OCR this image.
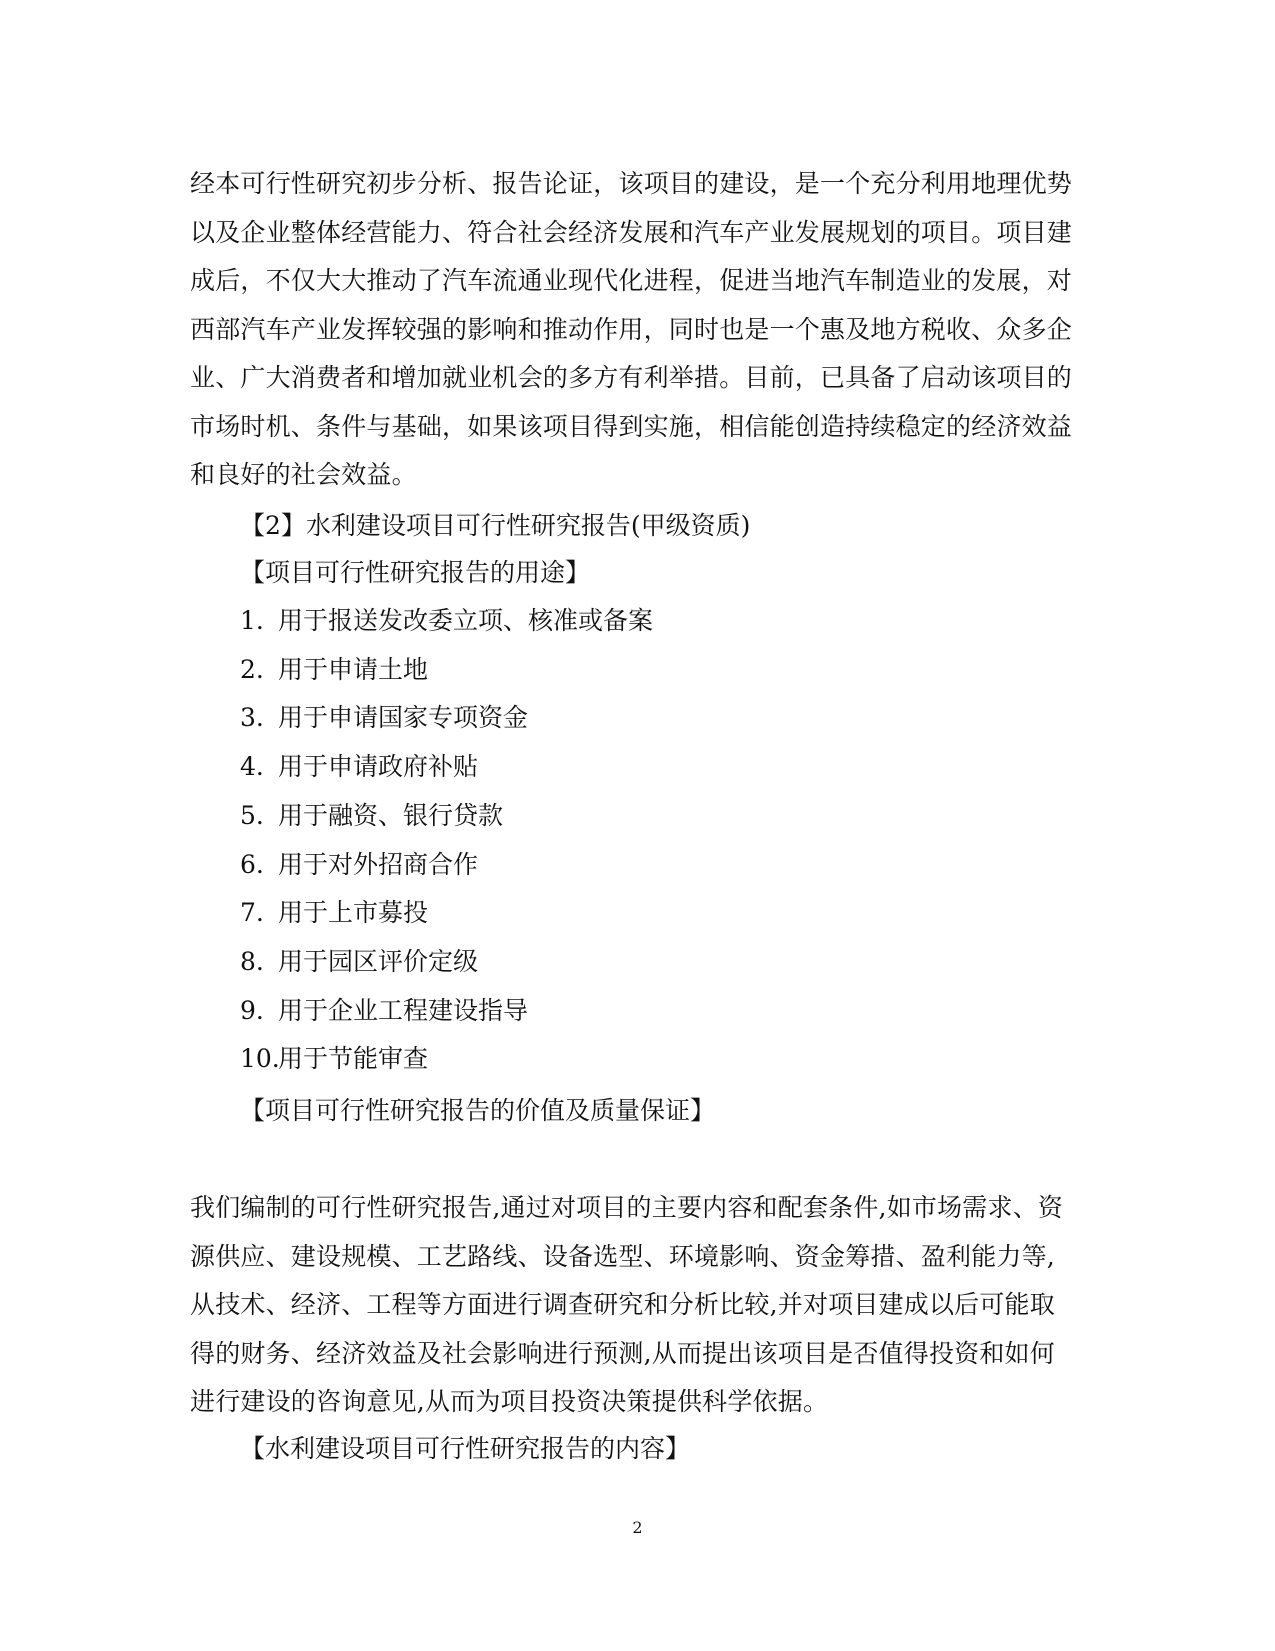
经本可行性研究初步分析、报告论证，该项目的建设，是一个充分利用地理优势以及企业整体经营能力、符合社会经济发展和汽车产业发展规划的项目。项目建成后，不仅大大推动了汽车流通业现代化进程，促进当地汽车制造业的发展，对西部汽车产业发挥较强的影响和推动作用，同时也是一个惠及地方税收、众多企业、广大消费者和增加就业机会的多方有利举措。目前，已具备了启动该项目的市场时机、条件与基础，如果该项目得到实施，相信能创造持续稳定的经济效益和良好的社会效益。
【2】水利建设项目可行性研究报告(甲级资质)
【项目可行性研究报告的用途】
1. 用于报送发改委立项、核准或备案
2. 用于申请土地
3. 用于申请国家专项资金
4. 用于申请政府补贴
5. 用于融资、银行贷款
6. 用于对外招商合作
7. 用于上市募投
8. 用于园区评价定级
9. 用于企业工程建设指导
10.用于节能审查
【项目可行性研究报告的价值及质量保证】
我们编制的可行性研究报告,通过对项目的主要内容和配套条件,如市场需求、资源供应、建设规模、工艺路线、设备选型、环境影响、资金筹措、盈利能力等,从技术、经济、工程等方面进行调查研究和分析比较,并对项目建成以后可能取得的财务、经济效益及社会影响进行预测,从而提出该项目是否值得投资和如何进行建设的咨询意见,从而为项目投资决策提供科学依据。
【水利建设项目可行性研究报告的内容】
2
